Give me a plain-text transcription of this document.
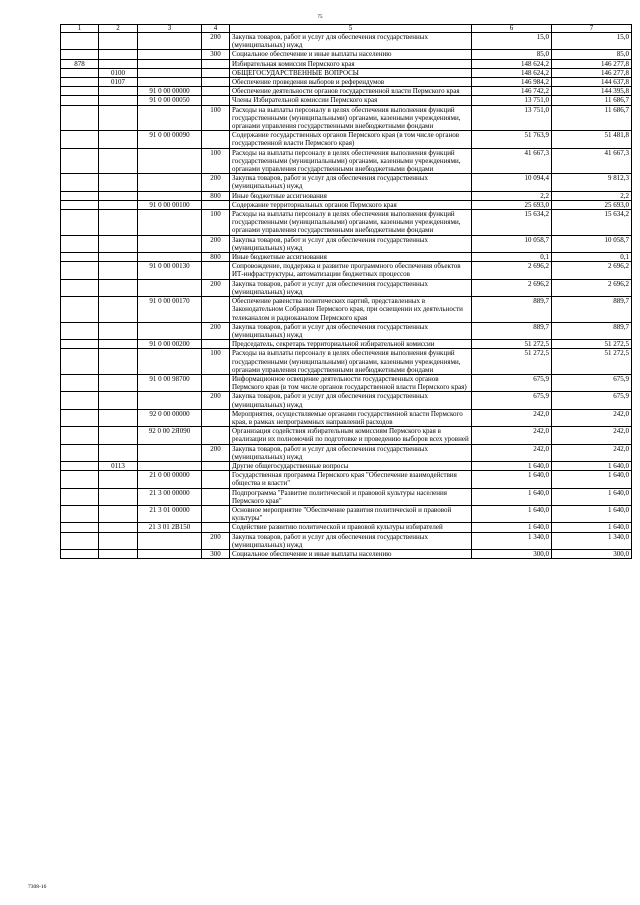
75
1	2	3	4	5	6	7
			200	Закупка товаров, работ и услуг для обеспечения государственных (муниципальных) нужд	15,0	15,0
			300	Социальное обеспечение и иные выплаты населению	85,0	85,0
878				Избирательная комиссия Пермского края	148 624,2	146 277,8
	0100			ОБЩЕГОСУДАРСТВЕННЫЕ ВОПРОСЫ	148 624,2	146 277,8
	0107			Обеспечение проведения выборов и референдумов	146 984,2	144 637,8
		91 0 00 00000		Обеспечение деятельности органов государственной власти Пермского края	146 742,2	144 395,8
		91 0 00 00050		Члены Избирательной комиссии Пермского края	13 751,0	11 686,7
			100	Расходы на выплаты персоналу в целях обеспечения выполнения функций государственными (муниципальными) органами, казенными учреждениями, органами управления государственными внебюджетными фондами	13 751,0	11 686,7
		91 0 00 00090		Содержание государственных органов Пермского края (в том числе органов государственной власти Пермского края)	51 763,9	51 481,8
			100	Расходы на выплаты персоналу в целях обеспечения выполнения функций государственными (муниципальными) органами, казенными учреждениями, органами управления государственными внебюджетными фондами	41 667,3	41 667,3
			200	Закупка товаров, работ и услуг для обеспечения государственных (муниципальных) нужд	10 094,4	9 812,3
			800	Иные бюджетные ассигнования	2,2	2,2
		91 0 00 00100		Содержание территориальных органов Пермского края	25 693,0	25 693,0
			100	Расходы на выплаты персоналу в целях обеспечения выполнения функций государственными (муниципальными) органами, казенными учреждениями, органами управления государственными внебюджетными фондами	15 634,2	15 634,2
			200	Закупка товаров, работ и услуг для обеспечения государственных (муниципальных) нужд	10 058,7	10 058,7
			800	Иные бюджетные ассигнования	0,1	0,1
		91 0 00 00130		Сопровождение, поддержка и развитие программного обеспечения объектов ИТ-инфраструктуры, автоматизации бюджетных процессов	2 696,2	2 696,2
			200	Закупка товаров, работ и услуг для обеспечения государственных (муниципальных) нужд	2 696,2	2 696,2
		91 0 00 00170		Обеспечение равенства политических партий, представленных в Законодательном Собрании Пермского края, при освещении их деятельности телеканалом и радиоканалом Пермского края	889,7	889,7
			200	Закупка товаров, работ и услуг для обеспечения государственных (муниципальных) нужд	889,7	889,7
		91 0 00 00200		Председатель, секретарь территориальной избирательной комиссии	51 272,5	51 272,5
			100	Расходы на выплаты персоналу в целях обеспечения выполнения функций государственными (муниципальными) органами, казенными учреждениями, органами управления государственными внебюджетными фондами	51 272,5	51 272,5
		91 0 00 98700		Информационное освещение деятельности государственных органов Пермского края (в том числе органов государственной власти Пермского края)	675,9	675,9
			200	Закупка товаров, работ и услуг для обеспечения государственных (муниципальных) нужд	675,9	675,9
		92 0 00 00000		Мероприятия, осуществляемые органами государственной власти Пермского края, в рамках непрограммных направлений расходов	242,0	242,0
		92 0 00 2Я090		Организация содействия избирательным комиссиям Пермского края в реализации их полномочий по подготовке и проведению выборов всех уровней	242,0	242,0
			200	Закупка товаров, работ и услуг для обеспечения государственных (муниципальных) нужд	242,0	242,0
	0113			Другие общегосударственные вопросы	1 640,0	1 640,0
		21 0 00 00000		Государственная программа Пермского края "Обеспечение взаимодействия общества и власти"	1 640,0	1 640,0
		21 3 00 00000		Подпрограмма "Развитие политической и правовой культуры населения Пермского края"	1 640,0	1 640,0
		21 3 01 00000		Основное мероприятие "Обеспечение развития политической и правовой культуры"	1 640,0	1 640,0
		21 3 01 2В150		Содействие развитию политической и правовой культуры избирателей	1 640,0	1 640,0
			200	Закупка товаров, работ и услуг для обеспечения государственных (муниципальных) нужд	1 340,0	1 340,0
			300	Социальное обеспечение и иные выплаты населению	300,0	300,0
7308-16
